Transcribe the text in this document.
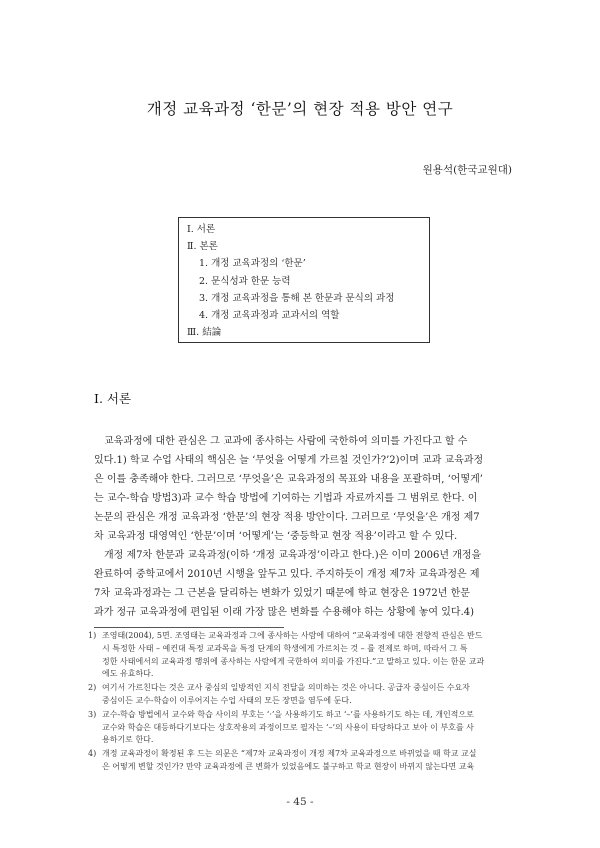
개정 교육과정 ‘한문’의 현장 적용 방안 연구
원용석(한국교원대)
Ⅰ. 서론
Ⅱ. 본론
1. 개정 교육과정의 ‘한문’
2. 문식성과 한문 능력
3. 개정 교육과정을 통해 본 한문과 문식의 과정
4. 개정 교육과정과 교과서의 역할
Ⅲ. 結論
Ⅰ. 서론
교육과정에 대한 관심은 그 교과에 종사하는 사람에 국한하여 의미를 가진다고 할 수
있다.1) 학교 수업 사태의 핵심은 늘 ‘무엇을 어떻게 가르칠 것인가?’2)이며 교과 교육과정
은 이를 충족해야 한다. 그러므로 ‘무엇을’은 교육과정의 목표와 내용을 포괄하며, ‘어떻게’
는 교수-학습 방법3)과 교수 학습 방법에 기여하는 기법과 자료까지를 그 범위로 한다. 이
논문의 관심은 개정 교육과정 ‘한문’의 현장 적용 방안이다. 그러므로 ‘무엇을’은 개정 제7
차 교육과정 대영역인 ‘한문’이며 ‘어떻게’는 ‘중등학교 현장 적용’이라고 할 수 있다.
개정 제7차 한문과 교육과정(이하 ‘개정 교육과정’이라고 한다.)은 이미 2006년 개정을
완료하여 중학교에서 2010년 시행을 앞두고 있다. 주지하듯이 개정 제7차 교육과정은 제
7차 교육과정과는 그 근본을 달리하는 변화가 있었기 때문에 학교 현장은 1972년 한문
과가 정규 교육과정에 편입된 이래 가장 많은 변화를 수용해야 하는 상황에 놓여 있다.4)
1) 조영태(2004), 5면. 조영태는 교육과정과 그에 종사하는 사람에 대하여 “교육과정에 대한 전향적 관심은 반드
시 특정한 사태 – 예컨대 특정 교과목을 특정 단계의 학생에게 가르치는 것 – 를 전제로 하며, 따라서 그 특
정한 사태에서의 교육과정 행위에 종사하는 사람에게 국한하여 의미를 가진다.”고 말하고 있다. 이는 한문 교과
에도 유효하다.
2) 여기서 가르친다는 것은 교사 중심의 일방적인 지식 전달을 의미하는 것은 아니다. 공급자 중심이든 수요자
중심이든 교수-학습이 이루어지는 수업 사태의 모든 장면을 염두에 둔다.
3) 교수-학습 방법에서 교수와 학습 사이의 부호는 ‘·’을 사용하기도 하고 ‘–’를 사용하기도 하는 데, 개인적으로
교수와 학습은 대등하다기보다는 상호작용의 과정이므로 필자는 ‘–’의 사용이 타당하다고 보아 이 부호를 사
용하기로 한다.
4) 개정 교육과정이 확정된 후 드는 의문은 “제7차 교육과정이 개정 제7차 교육과정으로 바뀌었을 때 학교 교실
은 어떻게 변할 것인가? 만약 교육과정에 큰 변화가 있었음에도 불구하고 학교 현장이 바뀌지 않는다면 교육
- 45 -
